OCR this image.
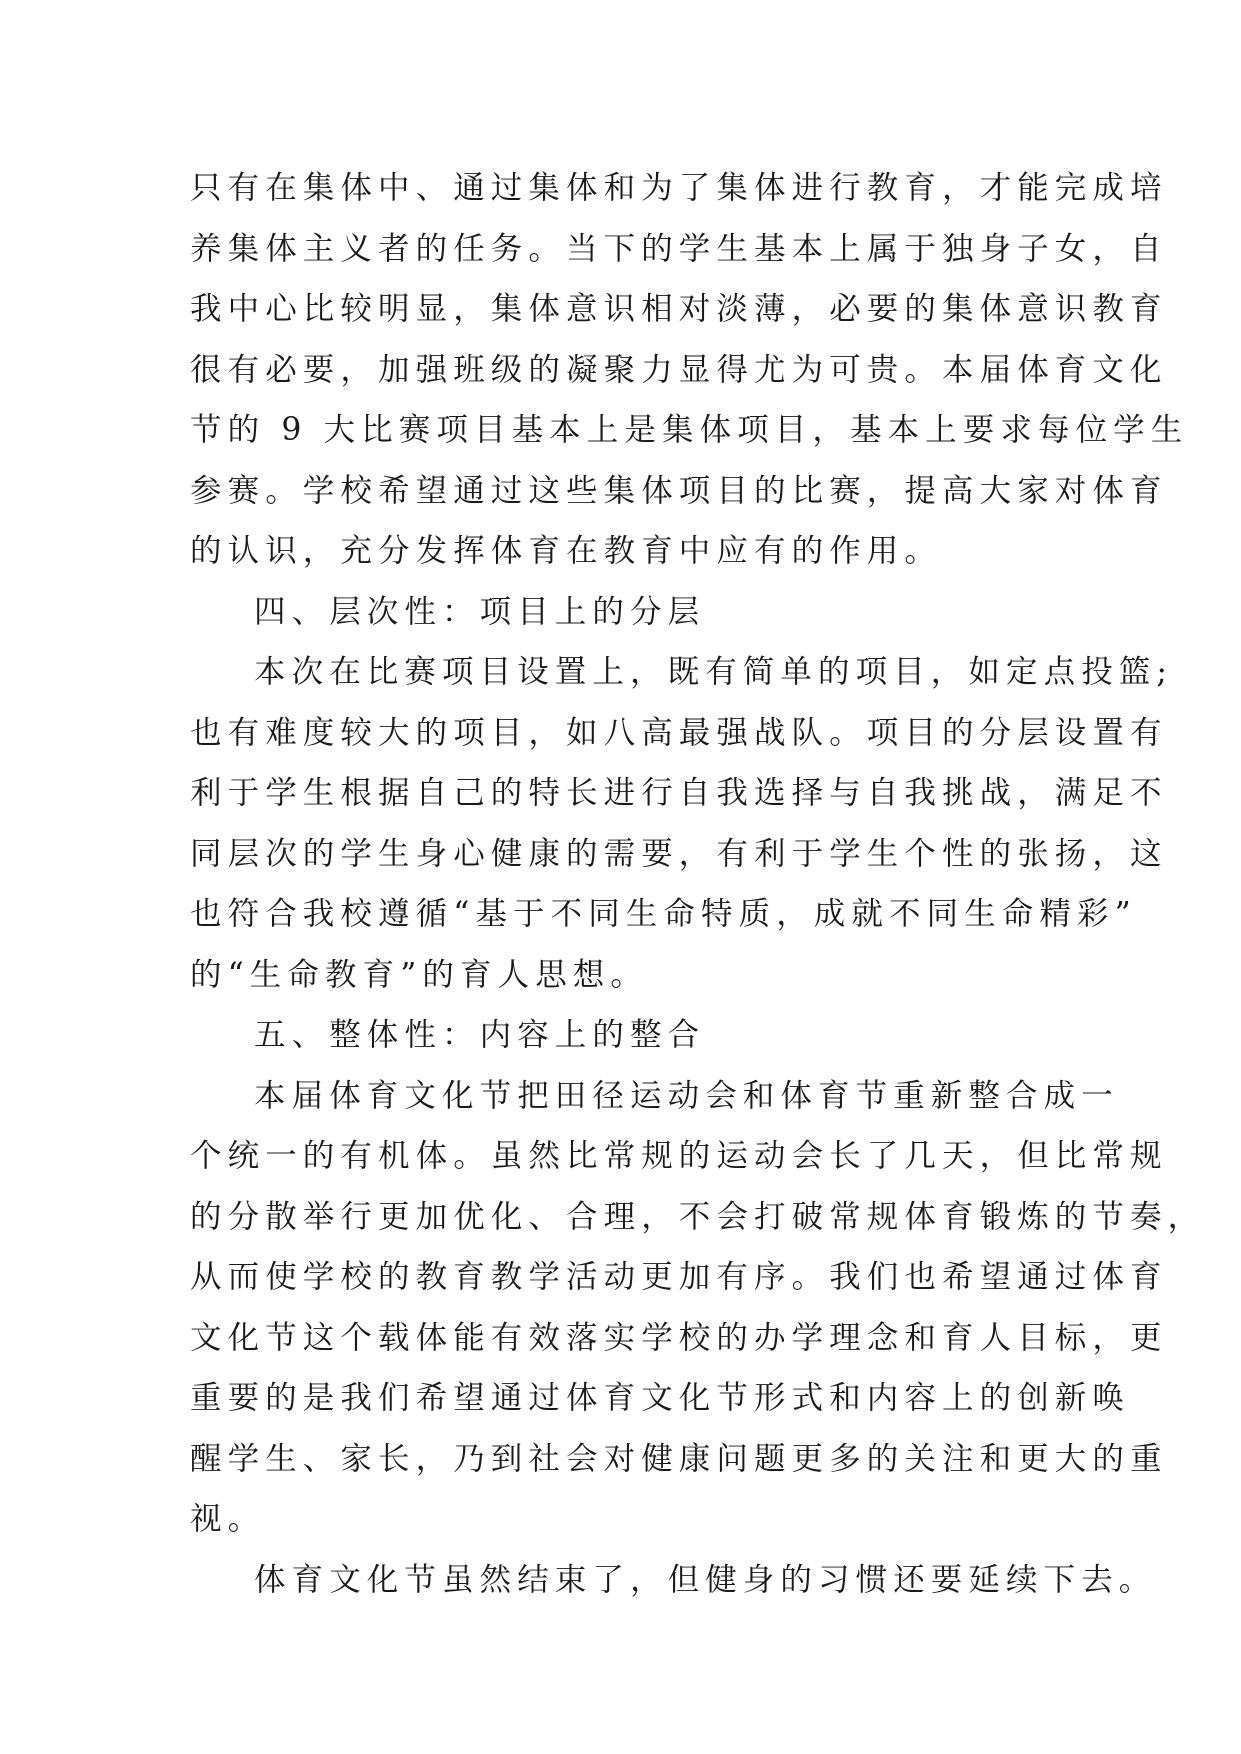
只有在集体中、通过集体和为了集体进行教育，才能完成培
养集体主义者的任务。当下的学生基本上属于独身子女，自
我中心比较明显，集体意识相对淡薄，必要的集体意识教育
很有必要，加强班级的凝聚力显得尤为可贵。本届体育文化
节的 9 大比赛项目基本上是集体项目，基本上要求每位学生
参赛。学校希望通过这些集体项目的比赛，提高大家对体育
的认识，充分发挥体育在教育中应有的作用。
四、层次性：项目上的分层
本次在比赛项目设置上，既有简单的项目，如定点投篮;
也有难度较大的项目，如八高最强战队。项目的分层设置有
利于学生根据自己的特长进行自我选择与自我挑战，满足不
同层次的学生身心健康的需要，有利于学生个性的张扬，这
也符合我校遵循“基于不同生命特质，成就不同生命精彩”
的“生命教育”的育人思想。
五、整体性：内容上的整合
本届体育文化节把田径运动会和体育节重新整合成一
个统一的有机体。虽然比常规的运动会长了几天，但比常规
的分散举行更加优化、合理，不会打破常规体育锻炼的节奏，
从而使学校的教育教学活动更加有序。我们也希望通过体育
文化节这个载体能有效落实学校的办学理念和育人目标，更
重要的是我们希望通过体育文化节形式和内容上的创新唤
醒学生、家长，乃到社会对健康问题更多的关注和更大的重
视。
体育文化节虽然结束了，但健身的习惯还要延续下去。
